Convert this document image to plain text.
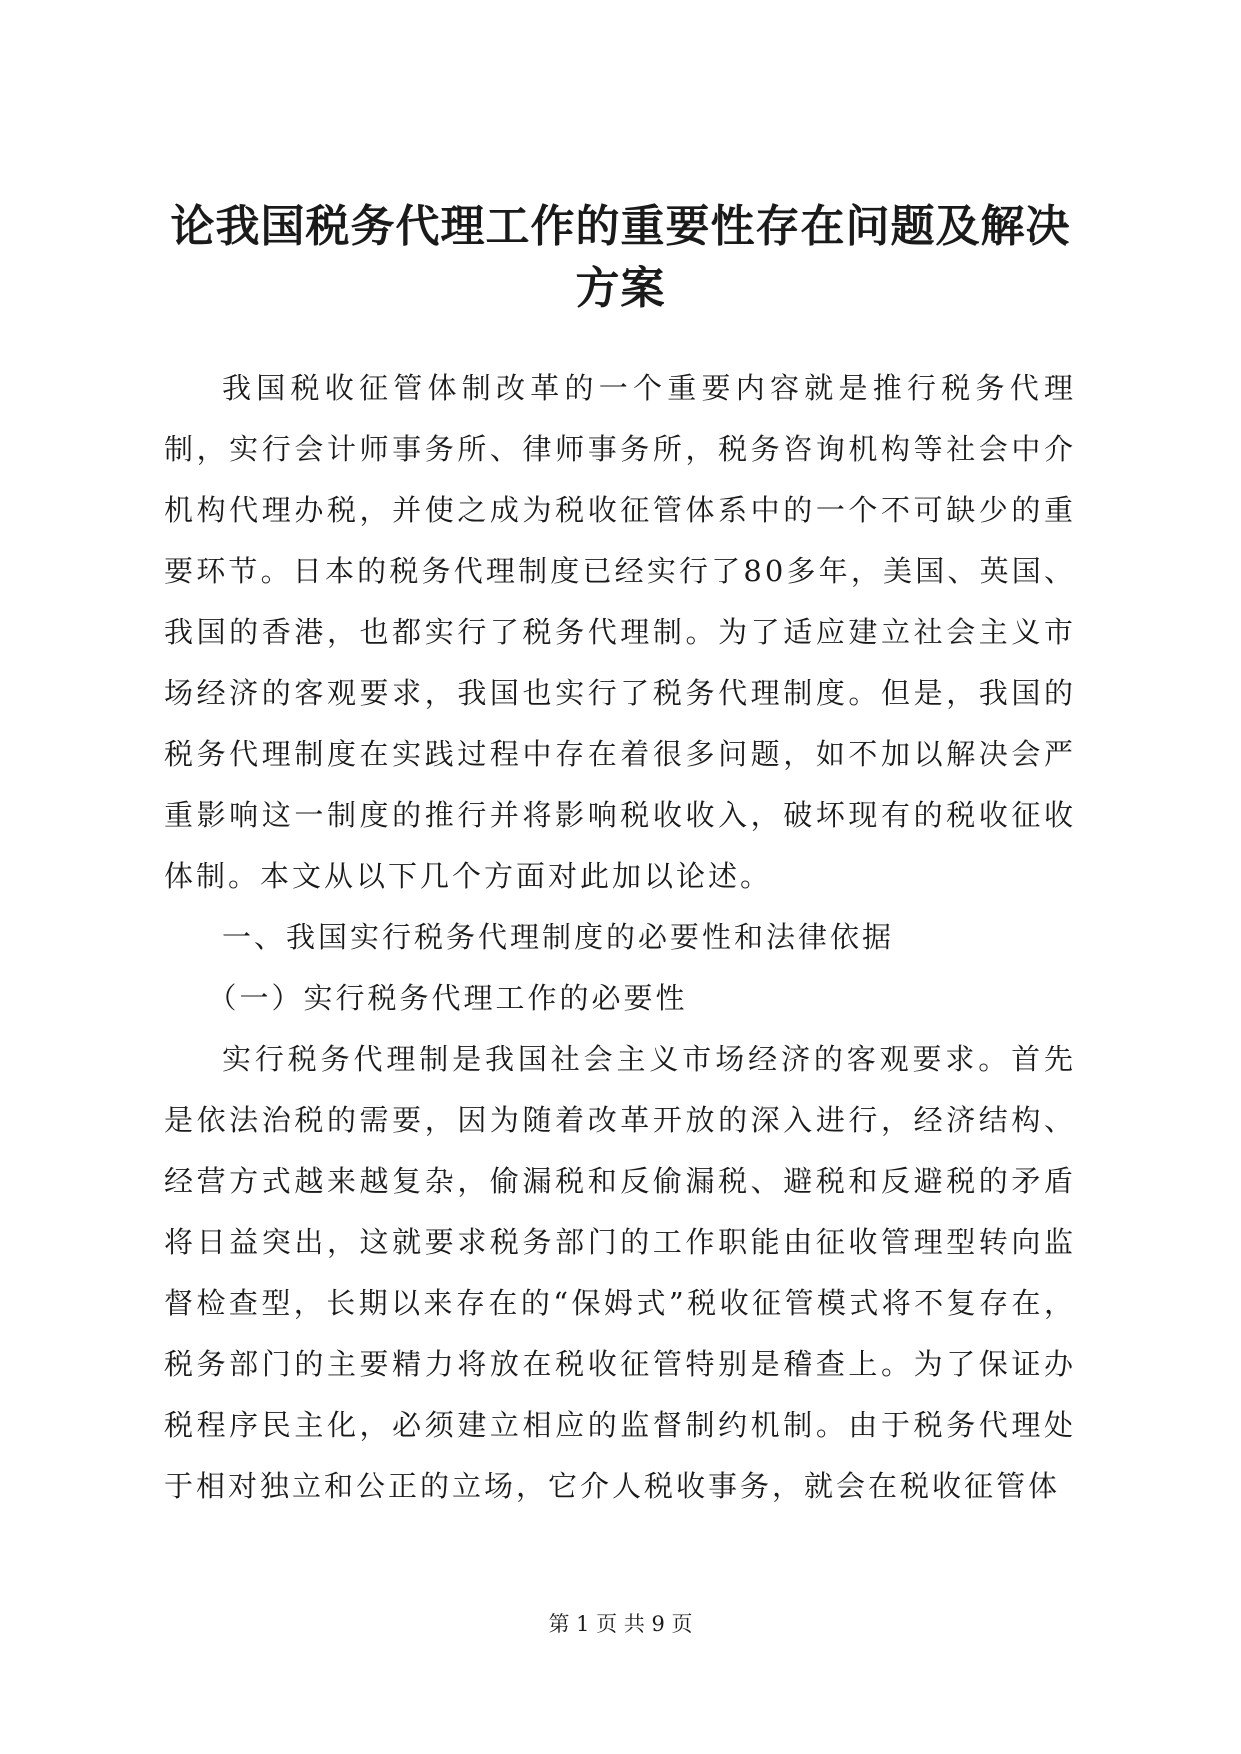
论我国税务代理工作的重要性存在问题及解决方案

我国税收征管体制改革的一个重要内容就是推行税务代理制，实行会计师事务所、律师事务所，税务咨询机构等社会中介机构代理办税，并使之成为税收征管体系中的一个不可缺少的重要环节。日本的税务代理制度已经实行了80多年，美国、英国、我国的香港，也都实行了税务代理制。为了适应建立社会主义市场经济的客观要求，我国也实行了税务代理制度。但是，我国的税务代理制度在实践过程中存在着很多问题，如不加以解决会严重影响这一制度的推行并将影响税收收入，破坏现有的税收征收体制。本文从以下几个方面对此加以论述。

一、我国实行税务代理制度的必要性和法律依据

（一）实行税务代理工作的必要性

实行税务代理制是我国社会主义市场经济的客观要求。首先是依法治税的需要，因为随着改革开放的深入进行，经济结构、经营方式越来越复杂，偷漏税和反偷漏税、避税和反避税的矛盾将日益突出，这就要求税务部门的工作职能由征收管理型转向监督检查型，长期以来存在的“保姆式”税收征管模式将不复存在，税务部门的主要精力将放在税收征管特别是稽查上。为了保证办税程序民主化，必须建立相应的监督制约机制。由于税务代理处于相对独立和公正的立场，它介人税收事务，就会在税收征管体

第 1 页 共 9 页
